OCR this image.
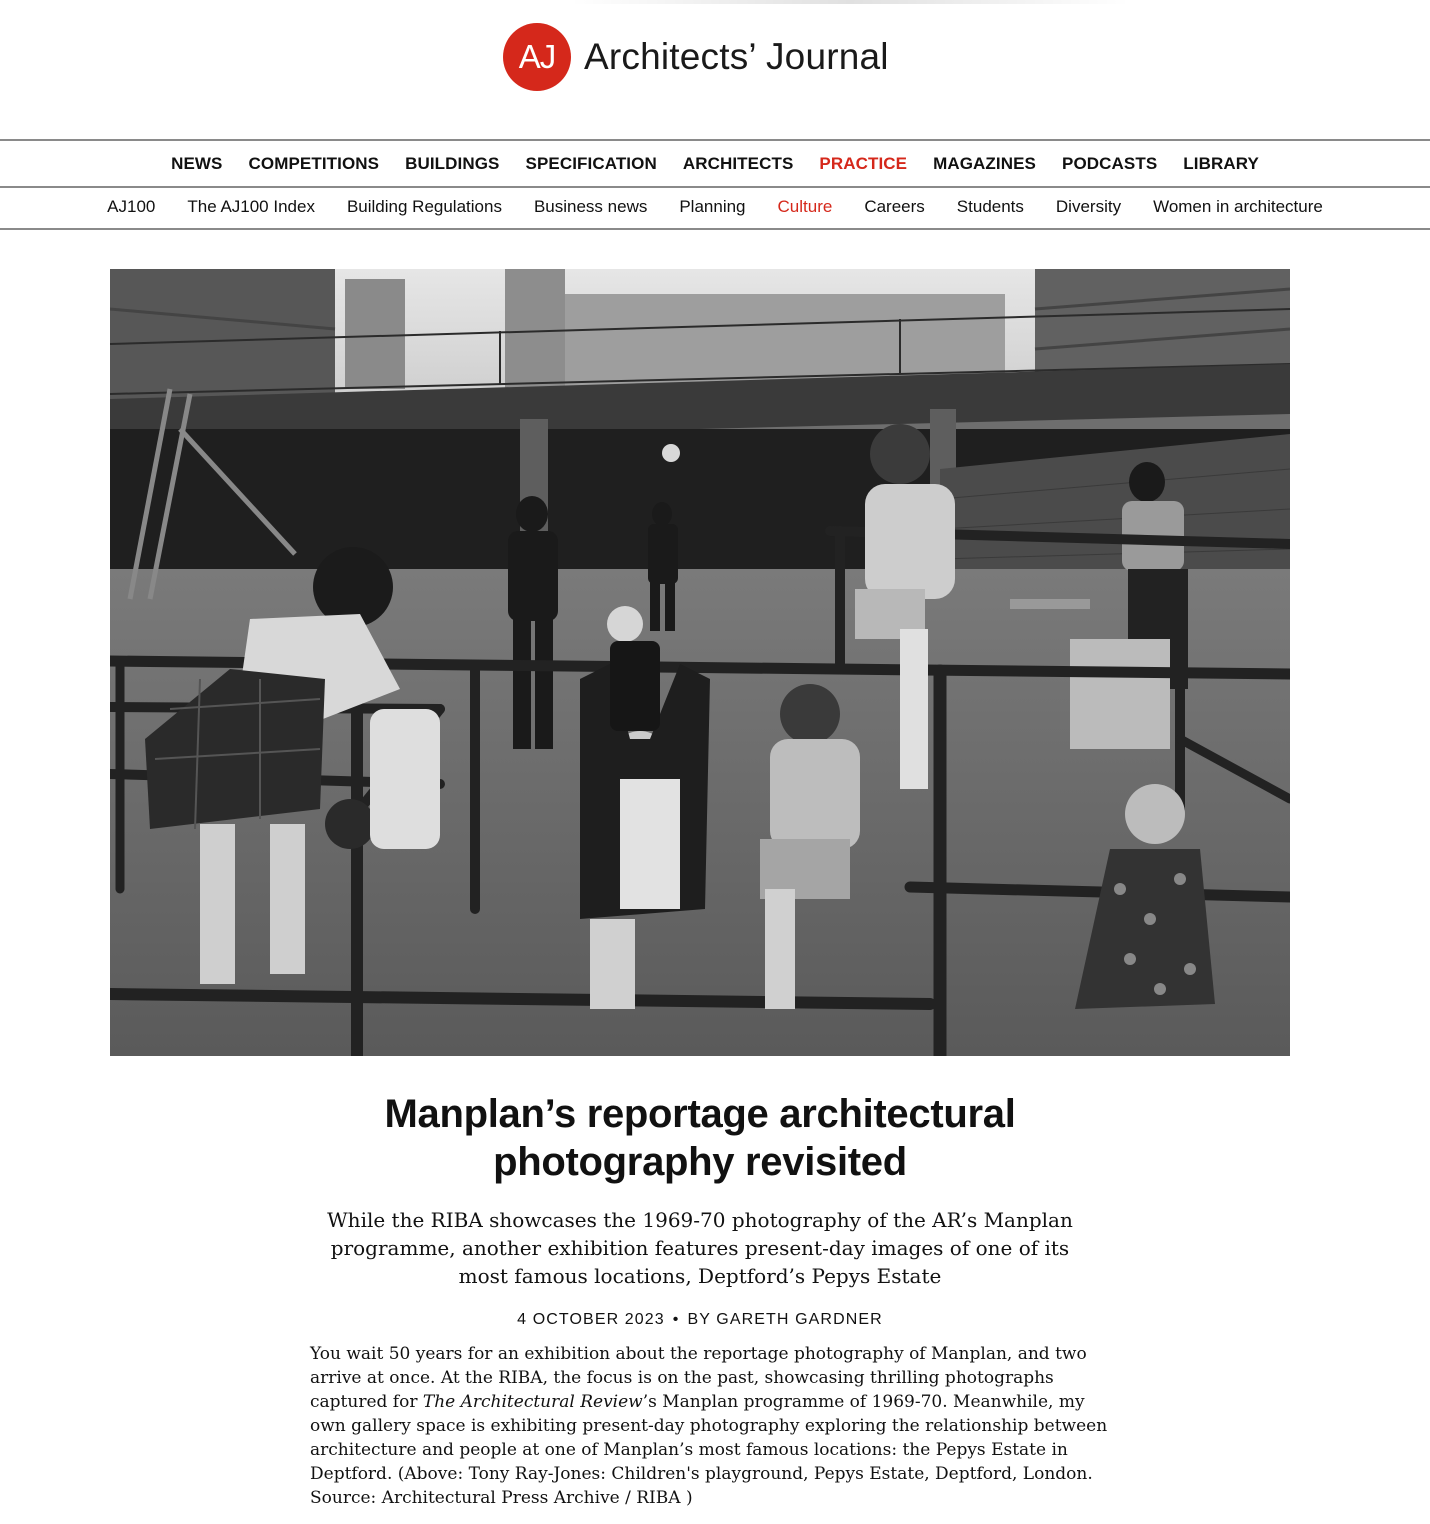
AJ Architects’ Journal
NEWS COMPETITIONS BUILDINGS SPECIFICATION ARCHITECTS PRACTICE MAGAZINES PODCASTS LIBRARY
AJ100 The AJ100 Index Building Regulations Business news Planning Culture Careers Students Diversity Women in architecture
Manplan’s reportage architectural photography revisited

While the RIBA showcases the 1969-70 photography of the AR’s Manplan programme, another exhibition features present-day images of one of its most famous locations, Deptford’s Pepys Estate

4 OCTOBER 2023 • BY GARETH GARDNER

You wait 50 years for an exhibition about the reportage photography of Manplan, and two arrive at once. At the RIBA, the focus is on the past, showcasing thrilling photographs captured for The Architectural Review’s Manplan programme of 1969-70. Meanwhile, my own gallery space is exhibiting present-day photography exploring the relationship between architecture and people at one of Manplan’s most famous locations: the Pepys Estate in Deptford. (Above: Tony Ray-Jones: Children's playground, Pepys Estate, Deptford, London. Source: Architectural Press Archive / RIBA )
